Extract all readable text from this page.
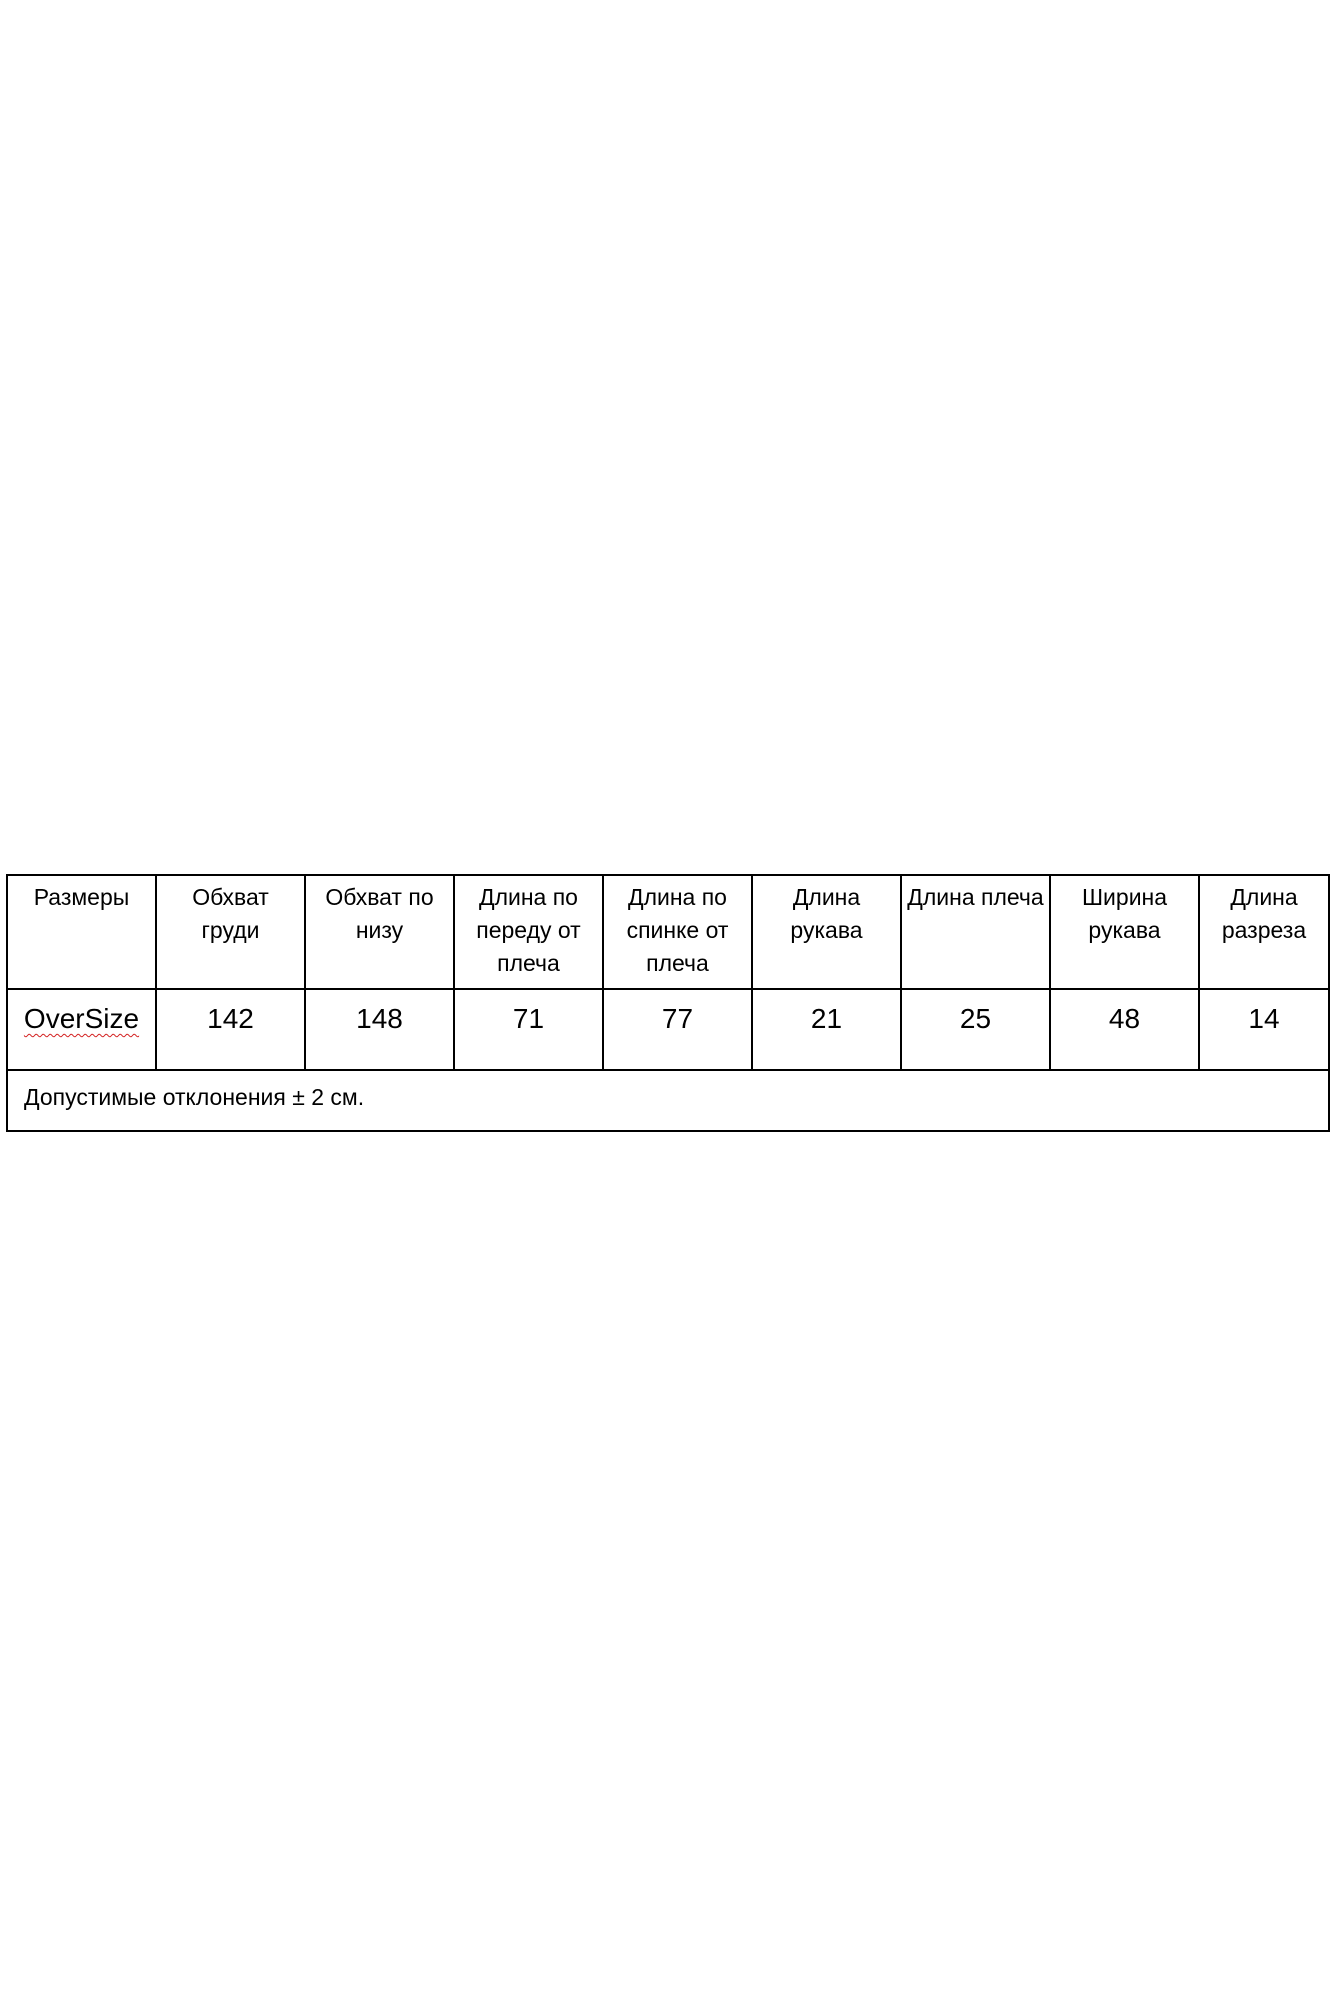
Размеры	Обхват груди	Обхват по низу	Длина по переду от плеча	Длина по спинке от плеча	Длина рукава	Длина плеча	Ширина рукава	Длина разреза
OverSize	142	148	71	77	21	25	48	14
Допустимые отклонения ± 2 см.								
